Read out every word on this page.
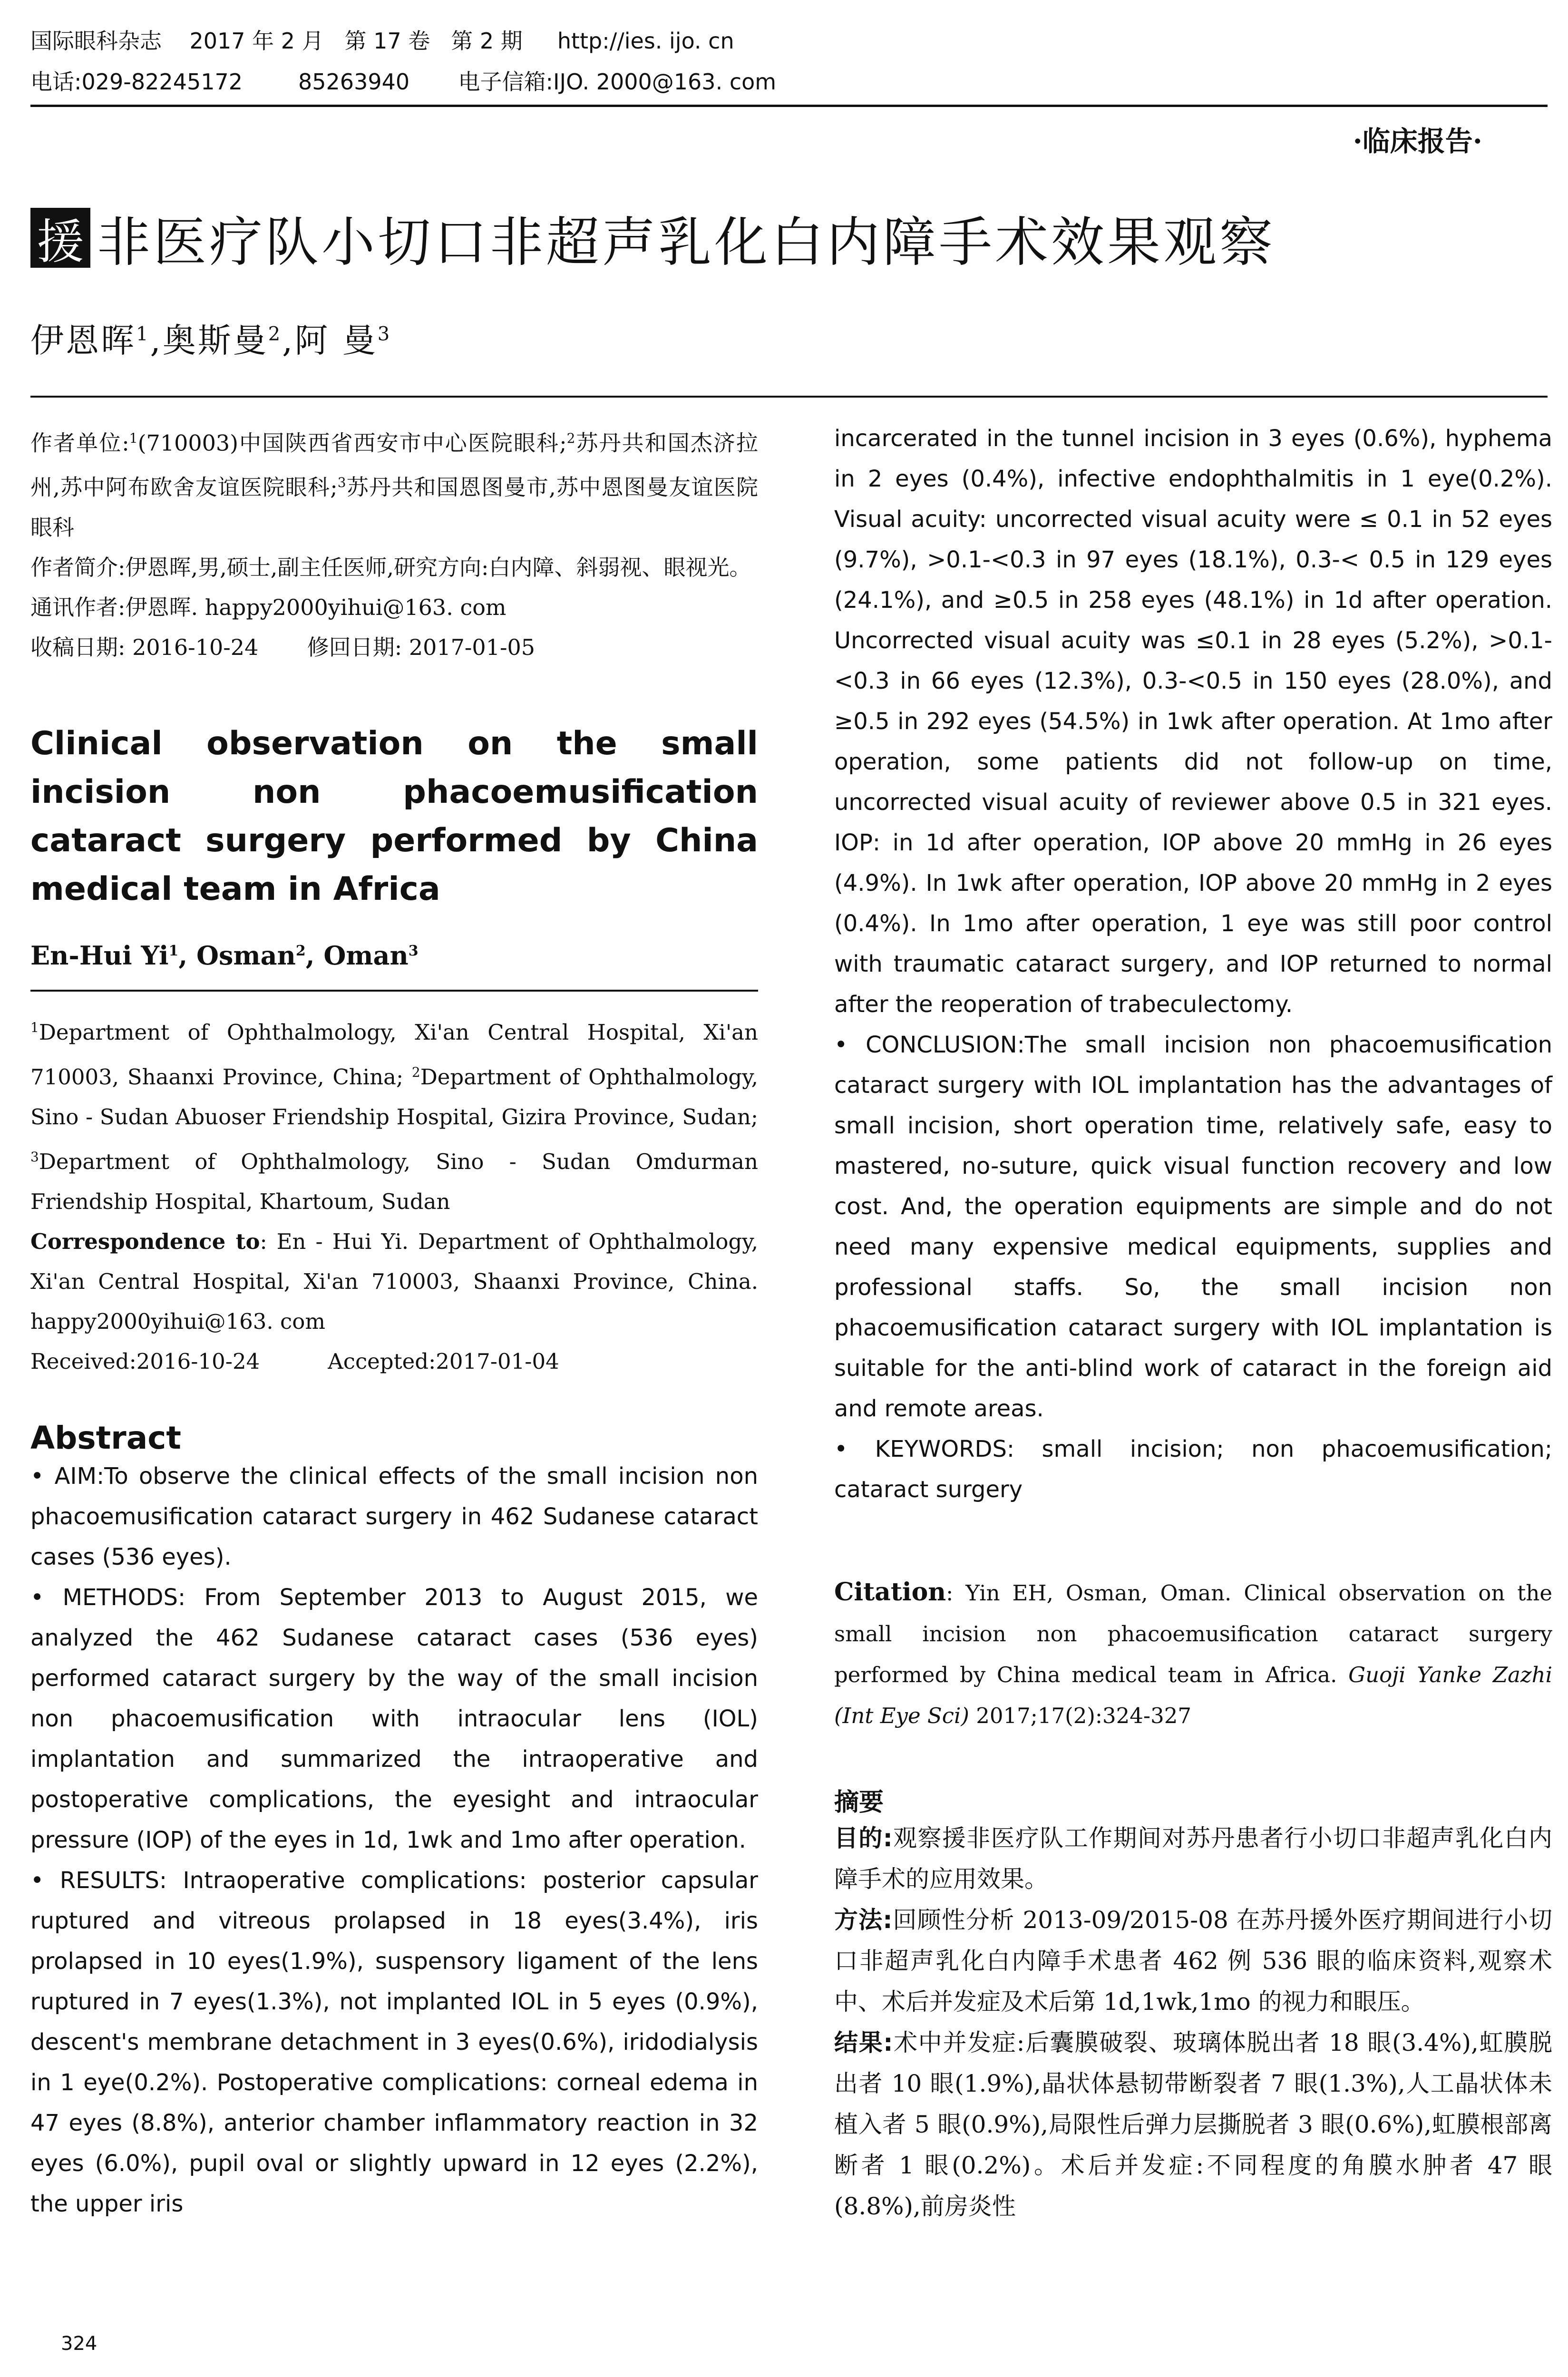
国际眼科杂志    2017 年 2 月   第 17 卷   第 2 期     http://ies. ijo. cn
电话:029-82245172        85263940       电子信箱:IJO. 2000@163. com
·临床报告·
援 非医疗队小切口非超声乳化白内障手术效果观察
伊恩晖$^1$,奥斯曼$^2$,阿 曼$^3$

作者单位:$^1$(710003)中国陕西省西安市中心医院眼科;$^2$苏丹共和国杰济拉州,苏中阿布欧舍友谊医院眼科;$^3$苏丹共和国恩图曼市,苏中恩图曼友谊医院眼科

作者简介:伊恩晖,男,硕士,副主任医师,研究方向:白内障、斜弱视、眼视光。

通讯作者:伊恩晖. happy2000yihui@163. com

收稿日期: 2016-10-24       修回日期: 2017-01-05

Clinical observation on the small incision non phacoemusification cataract surgery performed by China medical team in Africa
En-Hui Yi$^1$, Osman$^2$, Oman$^3$
$^1$Department of Ophthalmology, Xi'an Central Hospital, Xi'an 710003, Shaanxi Province, China; $^2$Department of Ophthalmology, Sino - Sudan Abuoser Friendship Hospital, Gizira Province, Sudan; $^3$Department of Ophthalmology, Sino - Sudan Omdurman Friendship Hospital, Khartoum, Sudan
Correspondence to: En - Hui Yi. Department of Ophthalmology, Xi'an Central Hospital, Xi'an 710003, Shaanxi Province, China. happy2000yihui@163. com
Received:2016-10-24          Accepted:2017-01-04
Abstract

• AIM:To observe the clinical effects of the small incision non phacoemusification cataract surgery in 462 Sudanese cataract cases (536 eyes).

• METHODS: From September 2013 to August 2015, we analyzed the 462 Sudanese cataract cases (536 eyes) performed cataract surgery by the way of the small incision non phacoemusification with intraocular lens (IOL) implantation and summarized the intraoperative and postoperative complications, the eyesight and intraocular pressure (IOP) of the eyes in 1d, 1wk and 1mo after operation.

• RESULTS: Intraoperative complications: posterior capsular ruptured and vitreous prolapsed in 18 eyes(3.4%), iris prolapsed in 10 eyes(1.9%), suspensory ligament of the lens ruptured in 7 eyes(1.3%), not implanted IOL in 5 eyes (0.9%), descent's membrane detachment in 3 eyes(0.6%), iridodialysis in 1 eye(0.2%). Postoperative complications: corneal edema in 47 eyes (8.8%), anterior chamber inflammatory reaction in 32 eyes (6.0%), pupil oval or slightly upward in 12 eyes (2.2%), the upper iris

incarcerated in the tunnel incision in 3 eyes (0.6%), hyphema in 2 eyes (0.4%), infective endophthalmitis in 1 eye(0.2%). Visual acuity: uncorrected visual acuity were ≤ 0.1 in 52 eyes (9.7%), >0.1-<0.3 in 97 eyes (18.1%), 0.3-< 0.5 in 129 eyes (24.1%), and ≥0.5 in 258 eyes (48.1%) in 1d after operation. Uncorrected visual acuity was ≤0.1 in 28 eyes (5.2%), >0.1-<0.3 in 66 eyes (12.3%), 0.3-<0.5 in 150 eyes (28.0%), and ≥0.5 in 292 eyes (54.5%) in 1wk after operation. At 1mo after operation, some patients did not follow-up on time, uncorrected visual acuity of reviewer above 0.5 in 321 eyes. IOP: in 1d after operation, IOP above 20 mmHg in 26 eyes (4.9%). In 1wk after operation, IOP above 20 mmHg in 2 eyes (0.4%). In 1mo after operation, 1 eye was still poor control with traumatic cataract surgery, and IOP returned to normal after the reoperation of trabeculectomy.

• CONCLUSION:The small incision non phacoemusification cataract surgery with IOL implantation has the advantages of small incision, short operation time, relatively safe, easy to mastered, no-suture, quick visual function recovery and low cost. And, the operation equipments are simple and do not need many expensive medical equipments, supplies and professional staffs. So, the small incision non phacoemusification cataract surgery with IOL implantation is suitable for the anti-blind work of cataract in the foreign aid and remote areas.

• KEYWORDS: small incision; non phacoemusification; cataract surgery

Citation: Yin EH, Osman, Oman. Clinical observation on the small incision non phacoemusification cataract surgery performed by China medical team in Africa. Guoji Yanke Zazhi (Int Eye Sci) 2017;17(2):324-327
摘要

目的:观察援非医疗队工作期间对苏丹患者行小切口非超声乳化白内障手术的应用效果。

方法:回顾性分析 2013-09/2015-08 在苏丹援外医疗期间进行小切口非超声乳化白内障手术患者 462 例 536 眼的临床资料,观察术中、术后并发症及术后第 1d,1wk,1mo 的视力和眼压。

结果:术中并发症:后囊膜破裂、玻璃体脱出者 18 眼(3.4%),虹膜脱出者 10 眼(1.9%),晶状体悬韧带断裂者 7 眼(1.3%),人工晶状体未植入者 5 眼(0.9%),局限性后弹力层撕脱者 3 眼(0.6%),虹膜根部离断者 1 眼(0.2%)。术后并发症:不同程度的角膜水肿者 47 眼(8.8%),前房炎性

324
